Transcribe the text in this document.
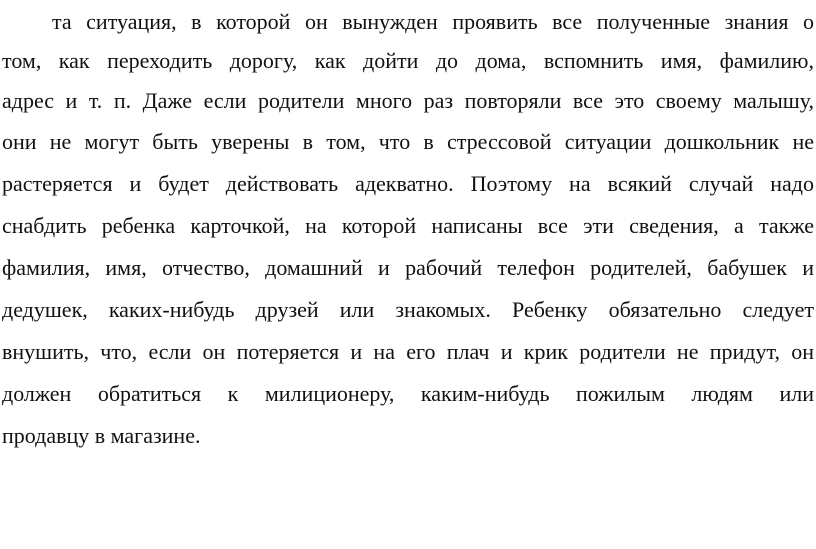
та ситуация, в которой он вынужден проявить все полученные знания о
том, как переходить дорогу, как дойти до дома, вспомнить имя, фамилию,
адрес и т. п. Даже если родители много раз повторяли все это своему малышу,
они не могут быть уверены в том, что в стрессовой ситуации дошкольник не
растеряется и будет действовать адекватно. Поэтому на всякий случай надо
снабдить ребенка карточкой, на которой написаны все эти сведения, а также
фамилия, имя, отчество, домашний и рабочий телефон родителей, бабушек и
дедушек, каких-нибудь друзей или знакомых. Ребенку обязательно следует
внушить, что, если он потеряется и на его плач и крик родители не придут, он
должен обратиться к милиционеру, каким-нибудь пожилым людям или
продавцу в магазине.
